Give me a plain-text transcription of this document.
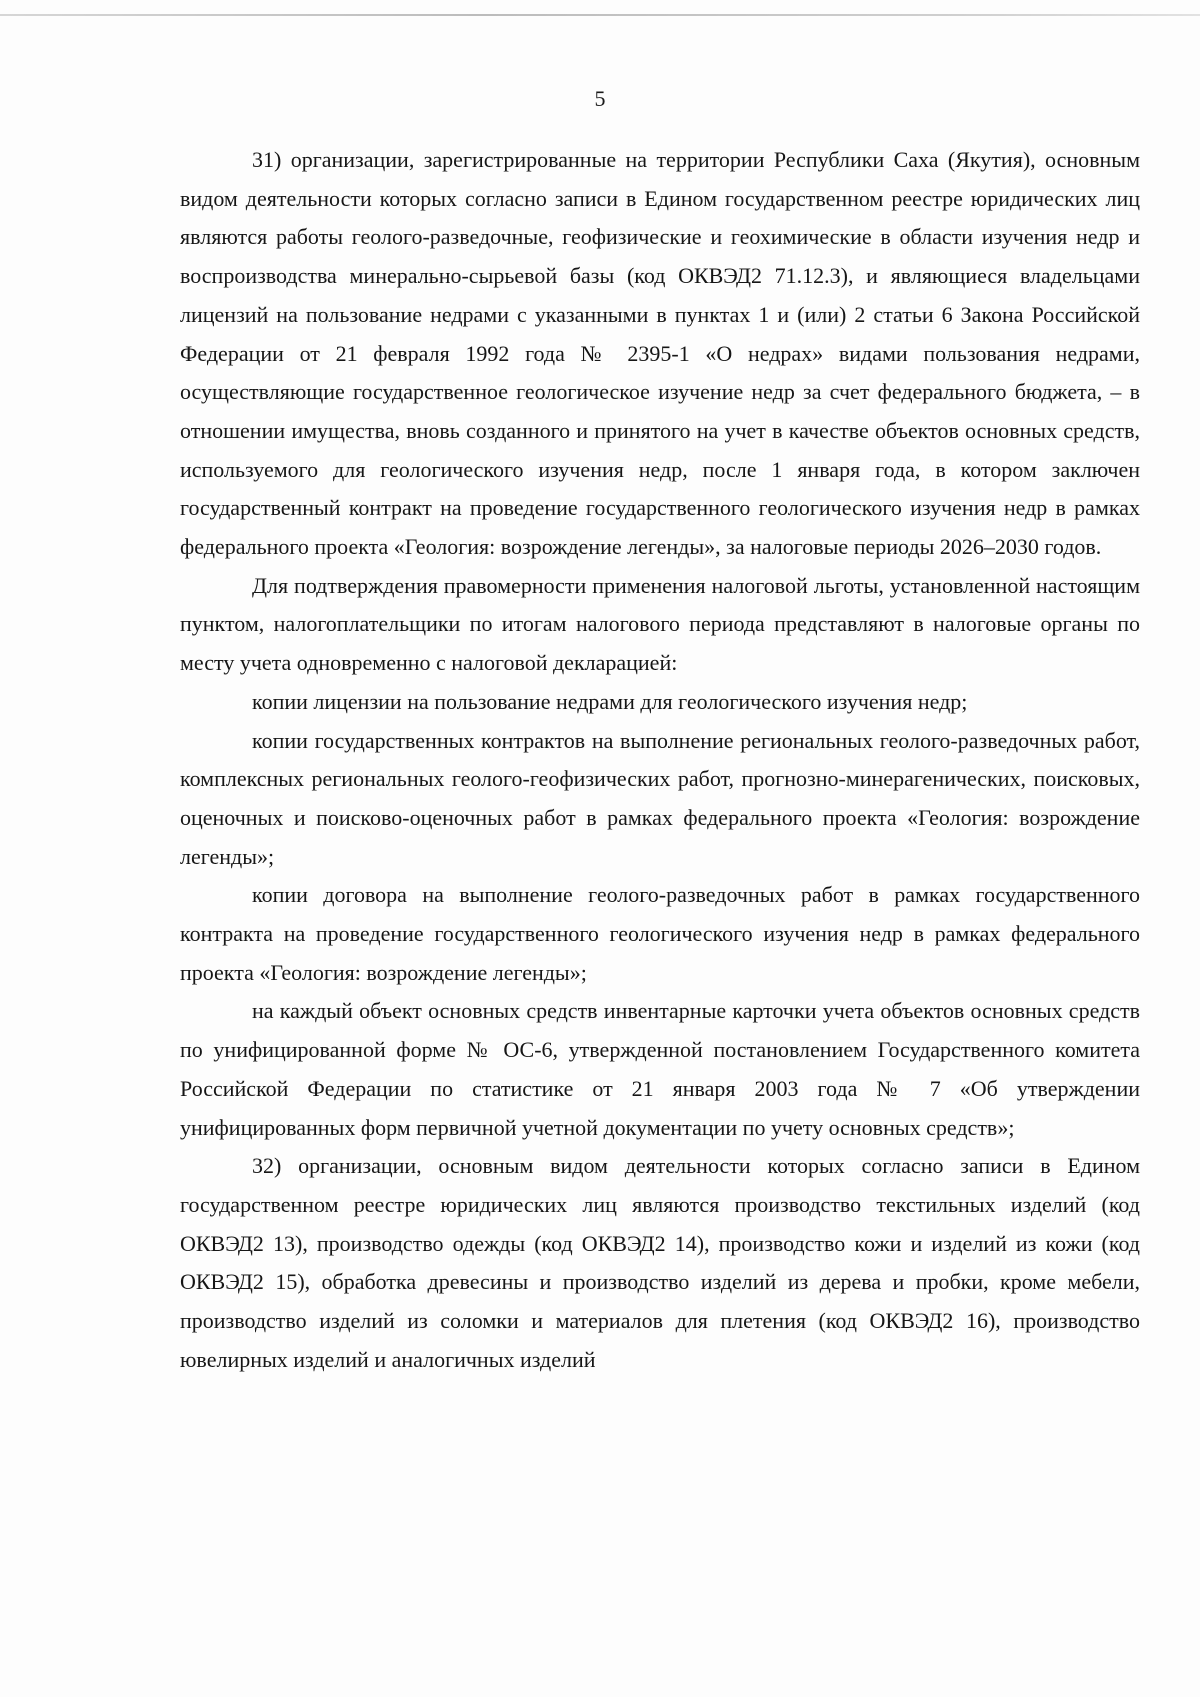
5

31) организации, зарегистрированные на территории Республики Саха (Якутия), основным видом деятельности которых согласно записи в Едином государственном реестре юридических лиц являются работы геолого-разведочные, геофизические и геохимические в области изучения недр и воспроизводства минерально-сырьевой базы (код ОКВЭД2 71.12.3), и являющиеся владельцами лицензий на пользование недрами с указанными в пунктах 1 и (или) 2 статьи 6 Закона Российской Федерации от 21 февраля 1992 года № 2395-1 «О недрах» видами пользования недрами, осуществляющие государственное геологическое изучение недр за счет федерального бюджета, – в отношении имущества, вновь созданного и принятого на учет в качестве объектов основных средств, используемого для геологического изучения недр, после 1 января года, в котором заключен государственный контракт на проведение государственного геологического изучения недр в рамках федерального проекта «Геология: возрождение легенды», за налоговые периоды 2026–2030 годов.

Для подтверждения правомерности применения налоговой льготы, установленной настоящим пунктом, налогоплательщики по итогам налогового периода представляют в налоговые органы по месту учета одновременно с налоговой декларацией:

копии лицензии на пользование недрами для геологического изучения недр;

копии государственных контрактов на выполнение региональных геолого-разведочных работ, комплексных региональных геолого-геофизических работ, прогнозно-минерагенических, поисковых, оценочных и поисково-оценочных работ в рамках федерального проекта «Геология: возрождение легенды»;

копии договора на выполнение геолого-разведочных работ в рамках государственного контракта на проведение государственного геологического изучения недр в рамках федерального проекта «Геология: возрождение легенды»;

на каждый объект основных средств инвентарные карточки учета объектов основных средств по унифицированной форме № ОС-6, утвержденной постановлением Государственного комитета Российской Федерации по статистике от 21 января 2003 года № 7 «Об утверждении унифицированных форм первичной учетной документации по учету основных средств»;

32) организации, основным видом деятельности которых согласно записи в Едином государственном реестре юридических лиц являются производство текстильных изделий (код ОКВЭД2 13), производство одежды (код ОКВЭД2 14), производство кожи и изделий из кожи (код ОКВЭД2 15), обработка древесины и производство изделий из дерева и пробки, кроме мебели, производство изделий из соломки и материалов для плетения (код ОКВЭД2 16), производство ювелирных изделий и аналогичных изделий
